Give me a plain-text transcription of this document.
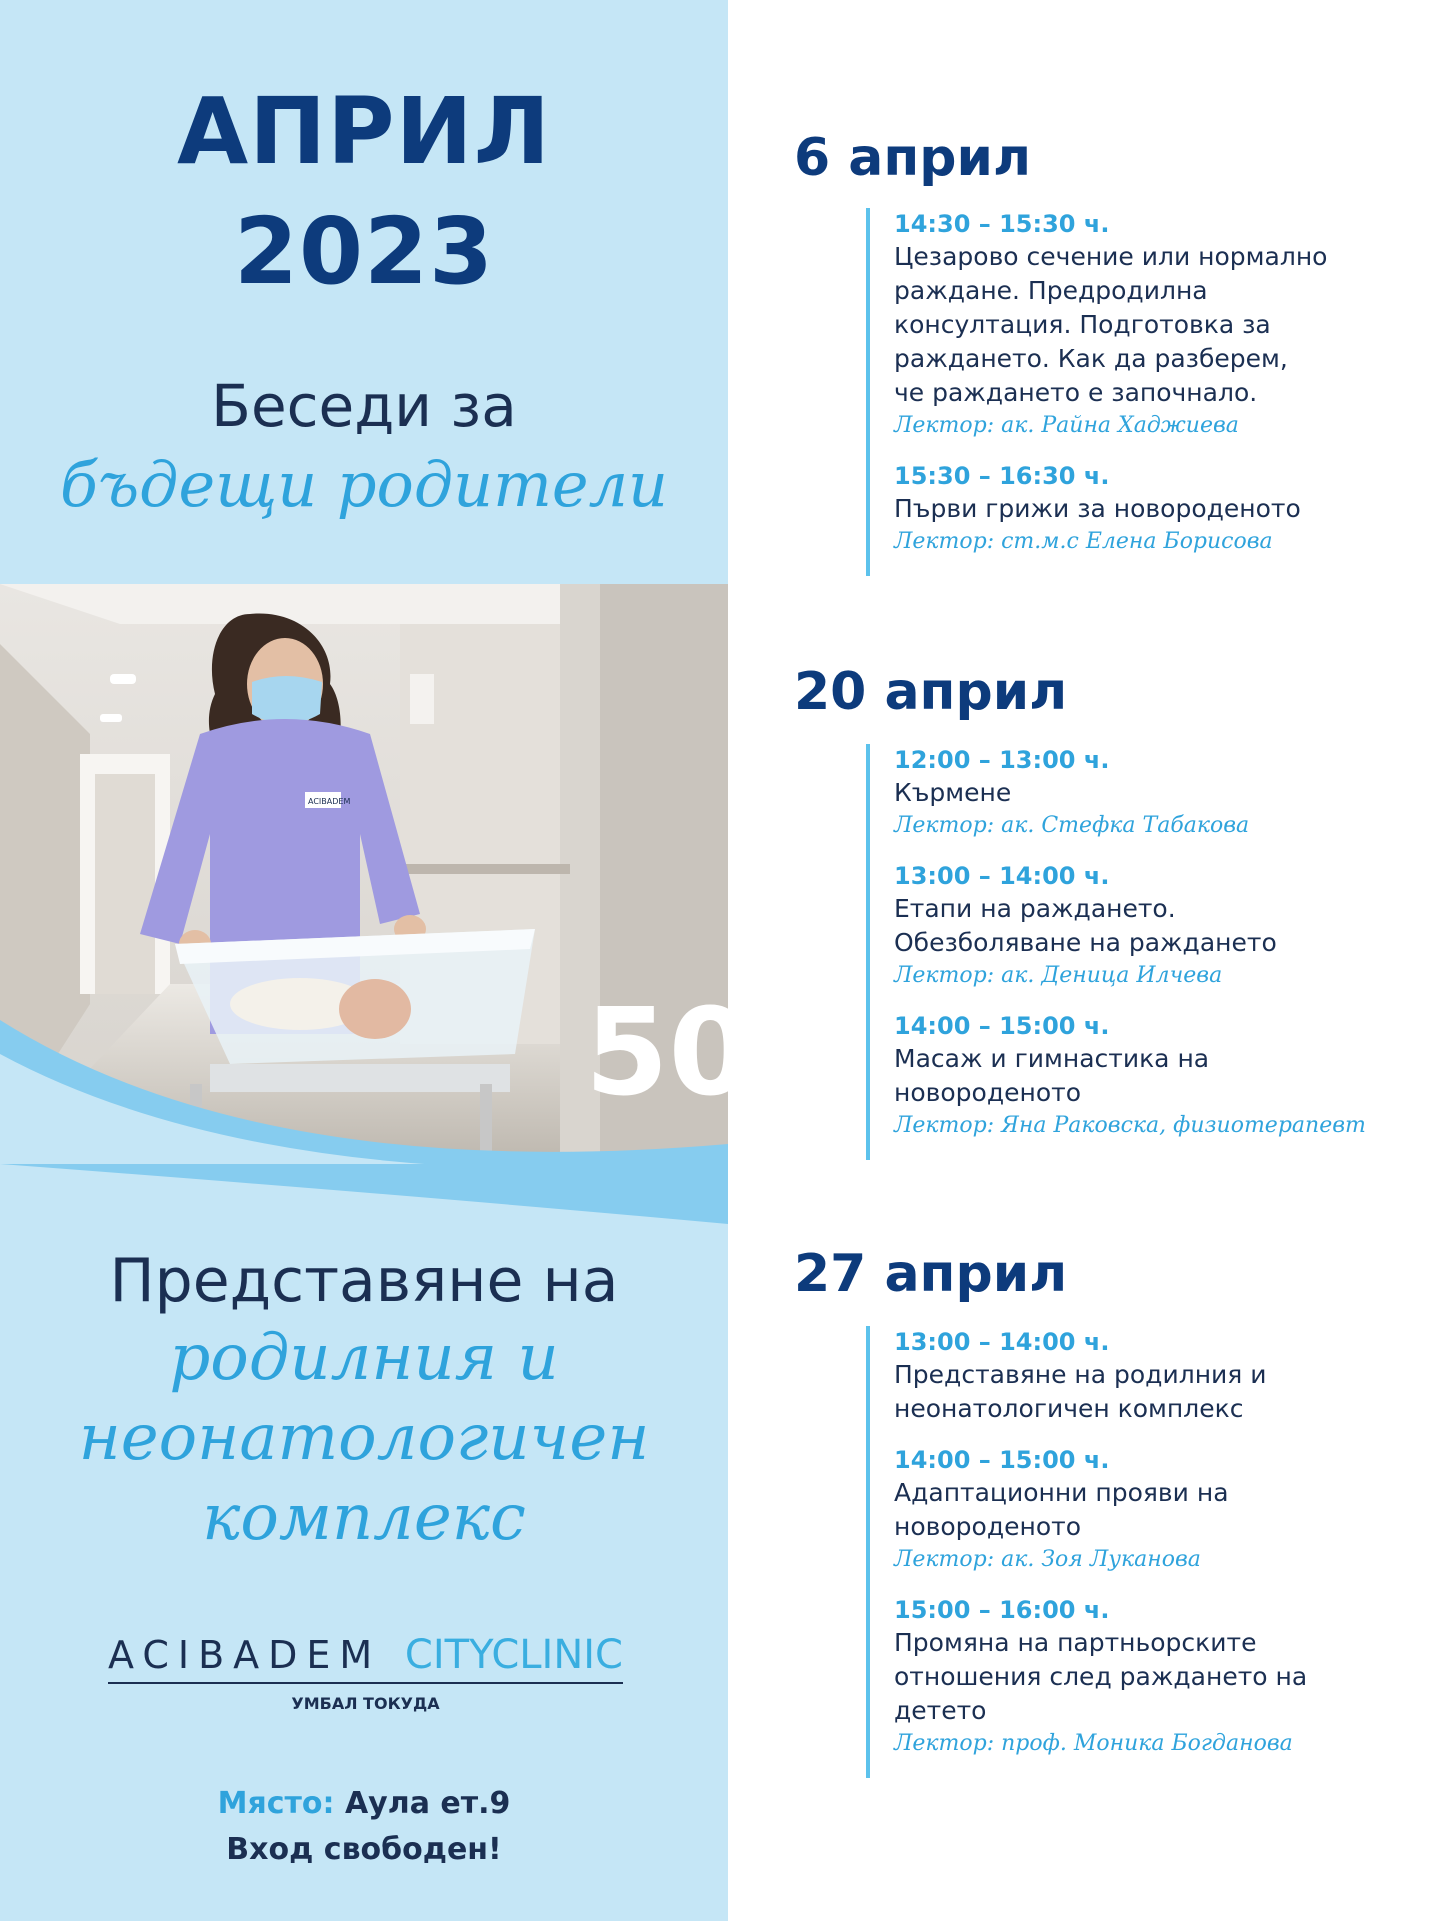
АПРИЛ
2023
Беседи за
бъдещи родители
506
ACIBADEM
Представяне на
родилния и
неонатологичен
комплекс
ACIBADEM CITYCLINIC
УМБАЛ ТОКУДА
Място: Аула ет.9
Вход свободен!
6 април
14:30 – 15:30 ч.
Цезарово сечение или нормално
раждане. Предродилна
консултация. Подготовка за
раждането. Как да разберем,
че раждането е започнало.
Лектор: ак. Райна Хаджиева
15:30 – 16:30 ч.
Първи грижи за новороденото
Лектор: ст.м.с Елена Борисова
20 април
12:00 – 13:00 ч.
Кърмене
Лектор: ак. Стефка Табакова
13:00 – 14:00 ч.
Етапи на раждането.
Обезболяване на раждането
Лектор: ак. Деница Илчева
14:00 – 15:00 ч.
Масаж и гимнастика на
новороденото
Лектор: Яна Раковска, физиотерапевт
27 април
13:00 – 14:00 ч.
Представяне на родилния и
неонатологичен комплекс
14:00 – 15:00 ч.
Адаптационни прояви на
новороденото
Лектор: ак. Зоя Луканова
15:00 – 16:00 ч.
Промяна на партньорските
отношения след раждането на
детето
Лектор: проф. Моника Богданова
